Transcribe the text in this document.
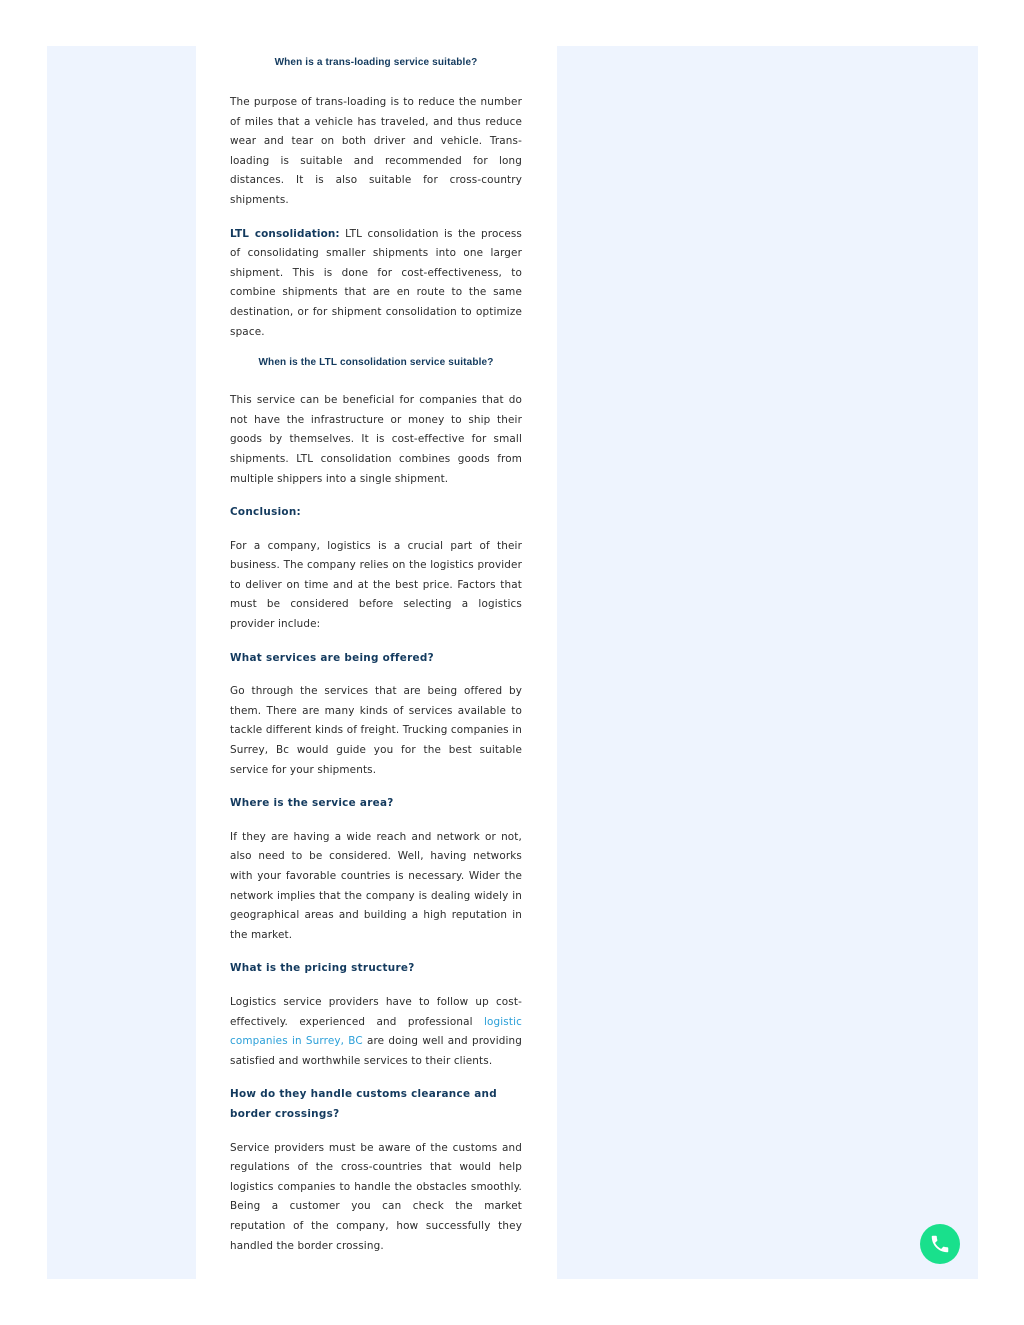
When is a trans-loading service suitable?

The purpose of trans-loading is to reduce the number of miles that a vehicle has traveled, and thus reduce wear and tear on both driver and vehicle. Trans-loading is suitable and recommended for long distances. It is also suitable for cross-country shipments.

LTL consolidation: LTL consolidation is the process of consolidating smaller shipments into one larger shipment. This is done for cost-effectiveness, to combine shipments that are en route to the same destination, or for shipment consolidation to optimize space.

When is the LTL consolidation service suitable?

This service can be beneficial for companies that do not have the infrastructure or money to ship their goods by themselves. It is cost-effective for small shipments. LTL consolidation combines goods from multiple shippers into a single shipment.

Conclusion:

For a company, logistics is a crucial part of their business. The company relies on the logistics provider to deliver on time and at the best price. Factors that must be considered before selecting a logistics provider include:

What services are being offered?

Go through the services that are being offered by them. There are many kinds of services available to tackle different kinds of freight. Trucking companies in Surrey, Bc would guide you for the best suitable service for your shipments.

Where is the service area?

If they are having a wide reach and network or not, also need to be considered. Well, having networks with your favorable countries is necessary. Wider the network implies that the company is dealing widely in geographical areas and building a high reputation in the market.

What is the pricing structure?

Logistics service providers have to follow up cost-effectively. experienced and professional logistic companies in Surrey, BC are doing well and providing satisfied and worthwhile services to their clients.

How do they handle customs clearance and border crossings?

Service providers must be aware of the customs and regulations of the cross-countries that would help logistics companies to handle the obstacles smoothly. Being a customer you can check the market reputation of the company, how successfully they handled the border crossing.
